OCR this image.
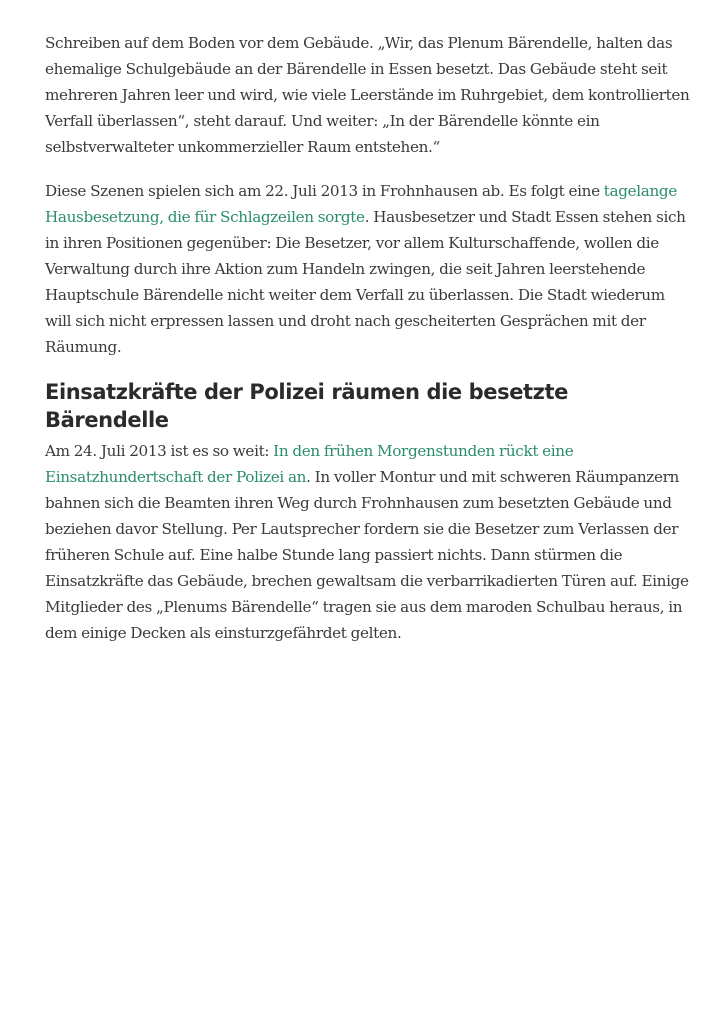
Schreiben auf dem Boden vor dem Gebäude. „Wir, das Plenum Bärendelle, halten das ehemalige Schulgebäude an der Bärendelle in Essen besetzt. Das Gebäude steht seit mehreren Jahren leer und wird, wie viele Leerstände im Ruhrgebiet, dem kontrollierten Verfall überlassen“, steht darauf. Und weiter: „In der Bärendelle könnte ein selbstverwalteter unkommerzieller Raum entstehen.“

Diese Szenen spielen sich am 22. Juli 2013 in Frohnhausen ab. Es folgt eine tagelange Hausbesetzung, die für Schlagzeilen sorgte. Hausbesetzer und Stadt Essen stehen sich in ihren Positionen gegenüber: Die Besetzer, vor allem Kulturschaffende, wollen die Verwaltung durch ihre Aktion zum Handeln zwingen, die seit Jahren leerstehende Hauptschule Bärendelle nicht weiter dem Verfall zu überlassen. Die Stadt wiederum will sich nicht erpressen lassen und droht nach gescheiterten Gesprächen mit der Räumung.

Einsatzkräfte der Polizei räumen die besetzte Bärendelle

Am 24. Juli 2013 ist es so weit: In den frühen Morgenstunden rückt eine Einsatzhundertschaft der Polizei an. In voller Montur und mit schweren Räumpanzern bahnen sich die Beamten ihren Weg durch Frohnhausen zum besetzten Gebäude und beziehen davor Stellung. Per Lautsprecher fordern sie die Besetzer zum Verlassen der früheren Schule auf. Eine halbe Stunde lang passiert nichts. Dann stürmen die Einsatzkräfte das Gebäude, brechen gewaltsam die verbarrikadierten Türen auf. Einige Mitglieder des „Plenums Bärendelle“ tragen sie aus dem maroden Schulbau heraus, in dem einige Decken als einsturzgefährdet gelten.
